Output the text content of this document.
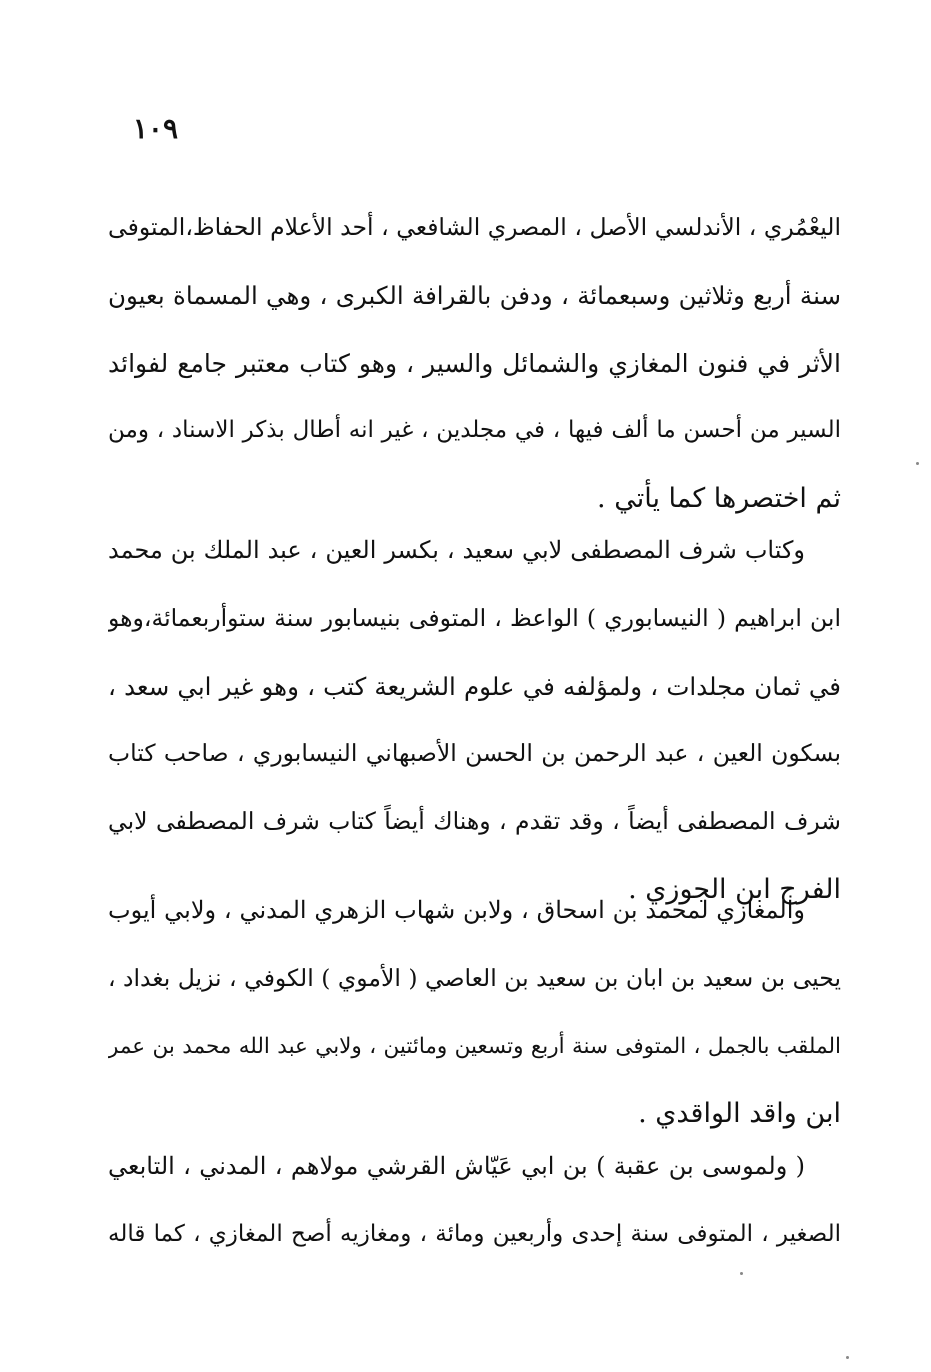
١٠٩
اليعْمُري ، الأندلسي الأصل ، المصري الشافعي ، أحد الأعلام الحفاظ،المتوفى
سنة أربع وثلاثين وسبعمائة ، ودفن بالقرافة الكبرى ، وهي المسماة بعيون
الأثر في فنون المغازي والشمائل والسير ، وهو كتاب معتبر جامع لفوائد
السير من أحسن ما ألف فيها ، في مجلدين ، غير انه أطال بذكر الاسناد ، ومن
ثم اختصرها كما يأتي .
وكتاب شرف المصطفى لابي سعيد ، بكسر العين ، عبد الملك بن محمد
ابن ابراهيم ( النيسابوري ) الواعظ ، المتوفى بنيسابور سنة ستوأربعمائة،وهو
في ثمان مجلدات ، ولمؤلفه في علوم الشريعة كتب ، وهو غير ابي سعد ،
بسكون العين ، عبد الرحمن بن الحسن الأصبهاني النيسابوري ، صاحب كتاب
شرف المصطفى أيضاً ، وقد تقدم ، وهناك أيضاً كتاب شرف المصطفى لابي
الفرج ابن الجوزي .
والمغازي لمحمد بن اسحاق ، ولابن شهاب الزهري المدني ، ولابي أيوب
يحيى بن سعيد بن ابان بن سعيد بن العاصي ( الأموي ) الكوفي ، نزيل بغداد ،
الملقب بالجمل ، المتوفى سنة أربع وتسعين ومائتين ، ولابي عبد الله محمد بن عمر
ابن واقد الواقدي .
( ولموسى بن عقبة ) بن ابي عَيّاش القرشي مولاهم ، المدني ، التابعي
الصغير ، المتوفى سنة إحدى وأربعين ومائة ، ومغازيه أصح المغازي ، كما قاله
